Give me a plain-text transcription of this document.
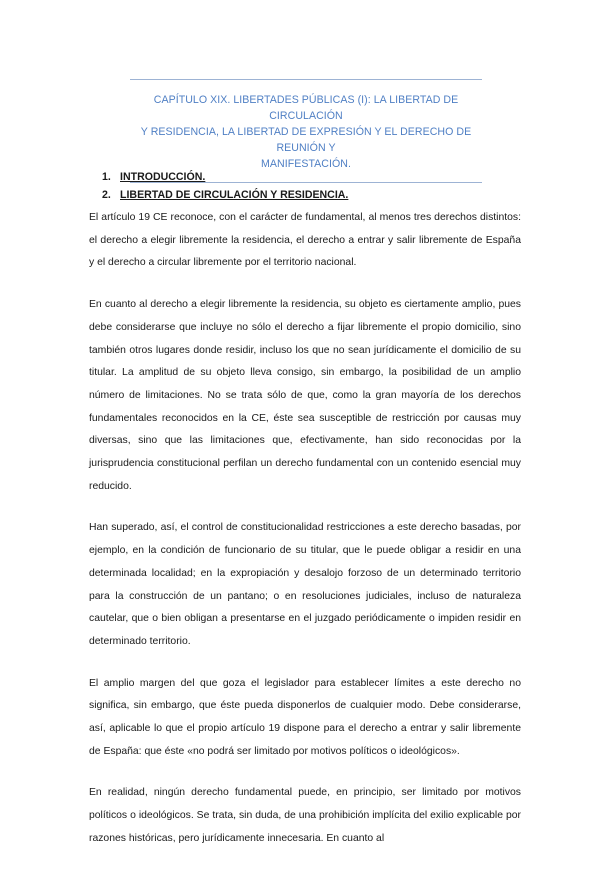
CAPÍTULO XIX. LIBERTADES PÚBLICAS (I): LA LIBERTAD DE CIRCULACIÓN
Y RESIDENCIA, LA LIBERTAD DE EXPRESIÓN Y EL DERECHO DE REUNIÓN Y
MANIFESTACIÓN.
1. INTRODUCCIÓN.
2. LIBERTAD DE CIRCULACIÓN Y RESIDENCIA.

El artículo 19 CE reconoce, con el carácter de fundamental, al menos tres derechos distintos: el derecho a elegir libremente la residencia, el derecho a entrar y salir libremente de España y el derecho a circular libremente por el territorio nacional.

En cuanto al derecho a elegir libremente la residencia, su objeto es ciertamente amplio, pues debe considerarse que incluye no sólo el derecho a fijar libremente el propio domicilio, sino también otros lugares donde residir, incluso los que no sean jurídicamente el domicilio de su titular. La amplitud de su objeto lleva consigo, sin embargo, la posibilidad de un amplio número de limitaciones. No se trata sólo de que, como la gran mayoría de los derechos fundamentales reconocidos en la CE, éste sea susceptible de restricción por causas muy diversas, sino que las limitaciones que, efectivamente, han sido reconocidas por la jurisprudencia constitucional perfilan un derecho fundamental con un contenido esencial muy reducido.

Han superado, así, el control de constitucionalidad restricciones a este derecho basadas, por ejemplo, en la condición de funcionario de su titular, que le puede obligar a residir en una determinada localidad; en la expropiación y desalojo forzoso de un determinado territorio para la construcción de un pantano; o en resoluciones judiciales, incluso de naturaleza cautelar, que o bien obligan a presentarse en el juzgado periódicamente o impiden residir en determinado territorio.

El amplio margen del que goza el legislador para establecer límites a este derecho no significa, sin embargo, que éste pueda disponerlos de cualquier modo. Debe considerarse, así, aplicable lo que el propio artículo 19 dispone para el derecho a entrar y salir libremente de España: que éste «no podrá ser limitado por motivos políticos o ideológicos».

En realidad, ningún derecho fundamental puede, en principio, ser limitado por motivos políticos o ideológicos. Se trata, sin duda, de una prohibición implícita del exilio explicable por razones históricas, pero jurídicamente innecesaria. En cuanto al
